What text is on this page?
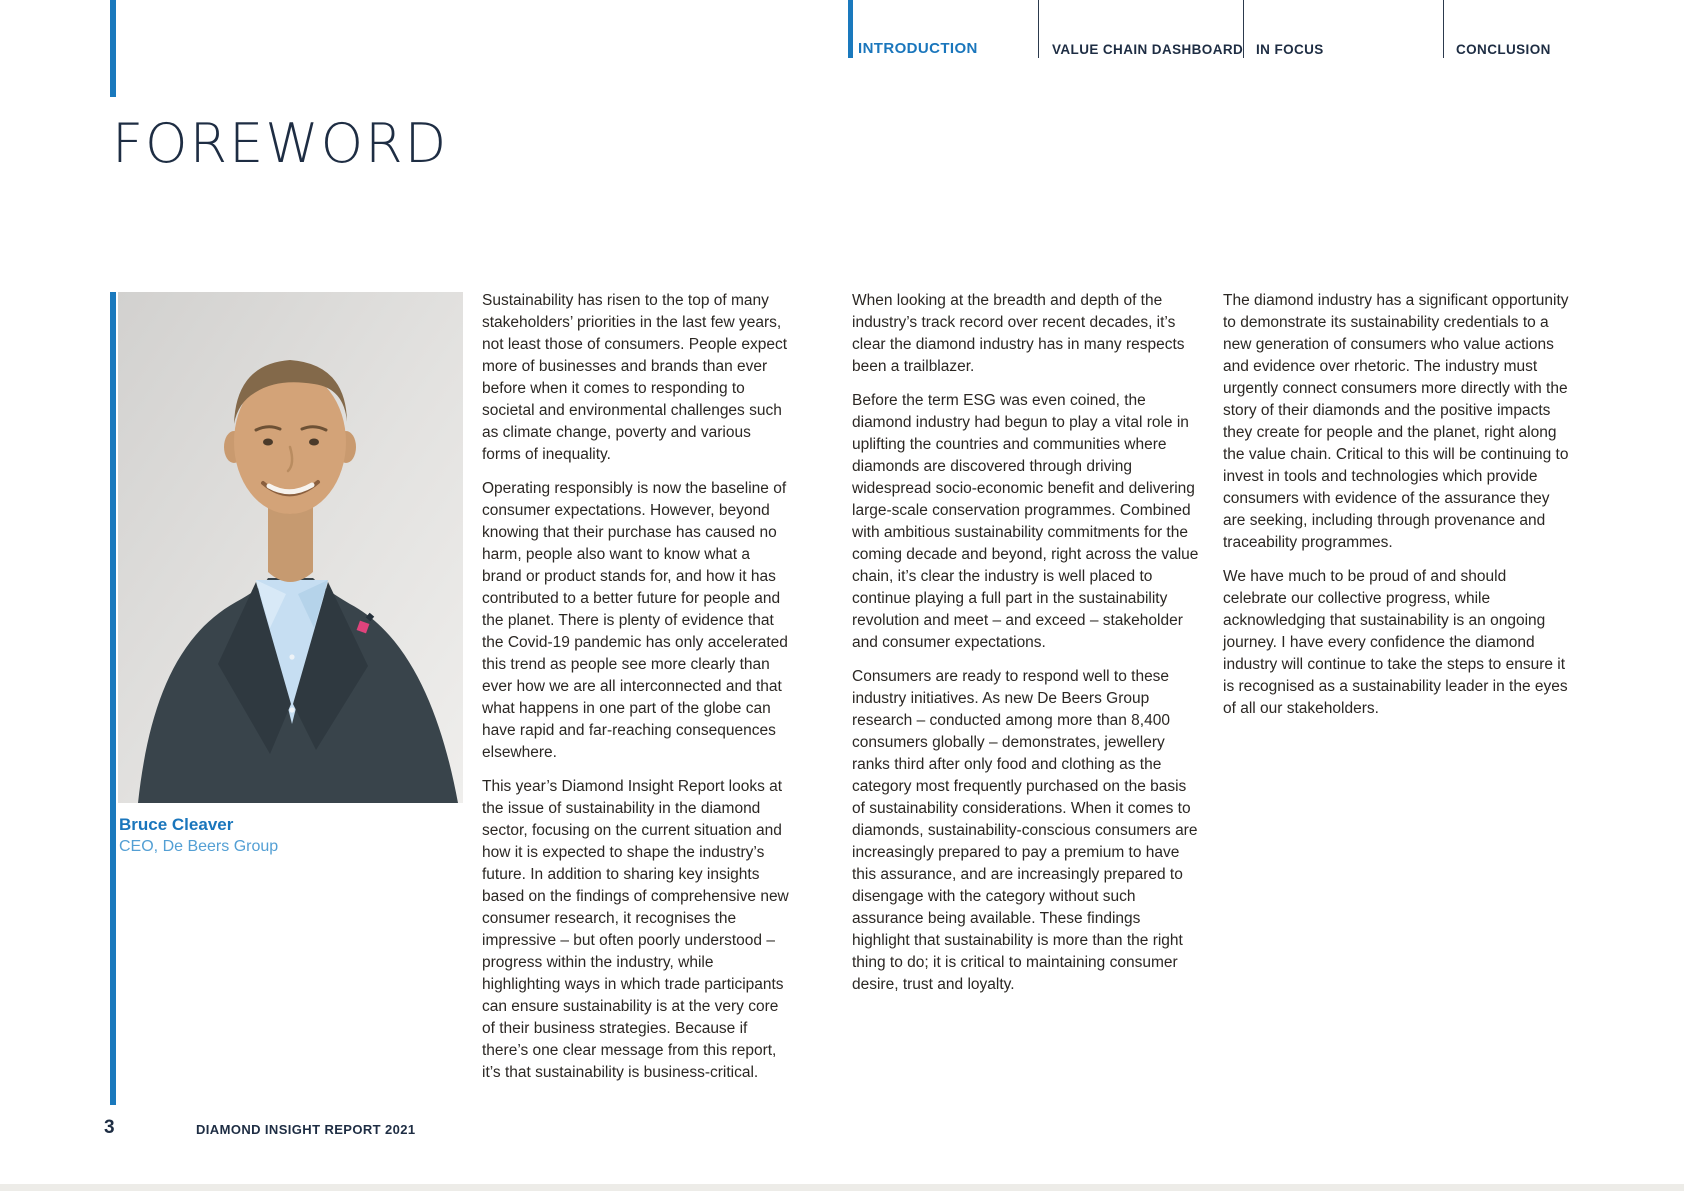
INTRODUCTION	VALUE CHAIN DASHBOARD IN FOCUS	CONCLUSION
FOREWORD
Bruce Cleaver
CEO, De Beers Group

Sustainability has risen to the top of many stakeholders’ priorities in the last few years, not least those of consumers. People expect more of businesses and brands than ever before when it comes to responding to societal and environmental challenges such as climate change, poverty and various forms of inequality.

Operating responsibly is now the baseline of consumer expectations. However, beyond knowing that their purchase has caused no harm, people also want to know what a brand or product stands for, and how it has contributed to a better future for people and the planet. There is plenty of evidence that the Covid-19 pandemic has only accelerated this trend as people see more clearly than ever how we are all interconnected and that what happens in one part of the globe can have rapid and far-reaching consequences elsewhere.

This year’s Diamond Insight Report looks at the issue of sustainability in the diamond sector, focusing on the current situation and how it is expected to shape the industry’s future. In addition to sharing key insights based on the findings of comprehensive new consumer research, it recognises the impressive – but often poorly understood – progress within the industry, while highlighting ways in which trade participants can ensure sustainability is at the very core of their business strategies. Because if there’s one clear message from this report, it’s that sustainability is business-critical.

When looking at the breadth and depth of the industry’s track record over recent decades, it’s clear the diamond industry has in many respects been a trailblazer.

Before the term ESG was even coined, the diamond industry had begun to play a vital role in uplifting the countries and communities where diamonds are discovered through driving widespread socio-economic benefit and delivering large-scale conservation programmes. Combined with ambitious sustainability commitments for the coming decade and beyond, right across the value chain, it’s clear the industry is well placed to continue playing a full part in the sustainability revolution and meet – and exceed – stakeholder and consumer expectations.

Consumers are ready to respond well to these industry initiatives. As new De Beers Group research – conducted among more than 8,400 consumers globally – demonstrates, jewellery ranks third after only food and clothing as the category most frequently purchased on the basis of sustainability considerations. When it comes to diamonds, sustainability-conscious consumers are increasingly prepared to pay a premium to have this assurance, and are increasingly prepared to disengage with the category without such assurance being available. These findings highlight that sustainability is more than the right thing to do; it is critical to maintaining consumer desire, trust and loyalty.

The diamond industry has a significant opportunity to demonstrate its sustainability credentials to a new generation of consumers who value actions and evidence over rhetoric. The industry must urgently connect consumers more directly with the story of their diamonds and the positive impacts they create for people and the planet, right along the value chain. Critical to this will be continuing to invest in tools and technologies which provide consumers with evidence of the assurance they are seeking, including through provenance and traceability programmes.

We have much to be proud of and should celebrate our collective progress, while acknowledging that sustainability is an ongoing journey. I have every confidence the diamond industry will continue to take the steps to ensure it is recognised as a sustainability leader in the eyes of all our stakeholders.

3	DIAMOND INSIGHT REPORT 2021
